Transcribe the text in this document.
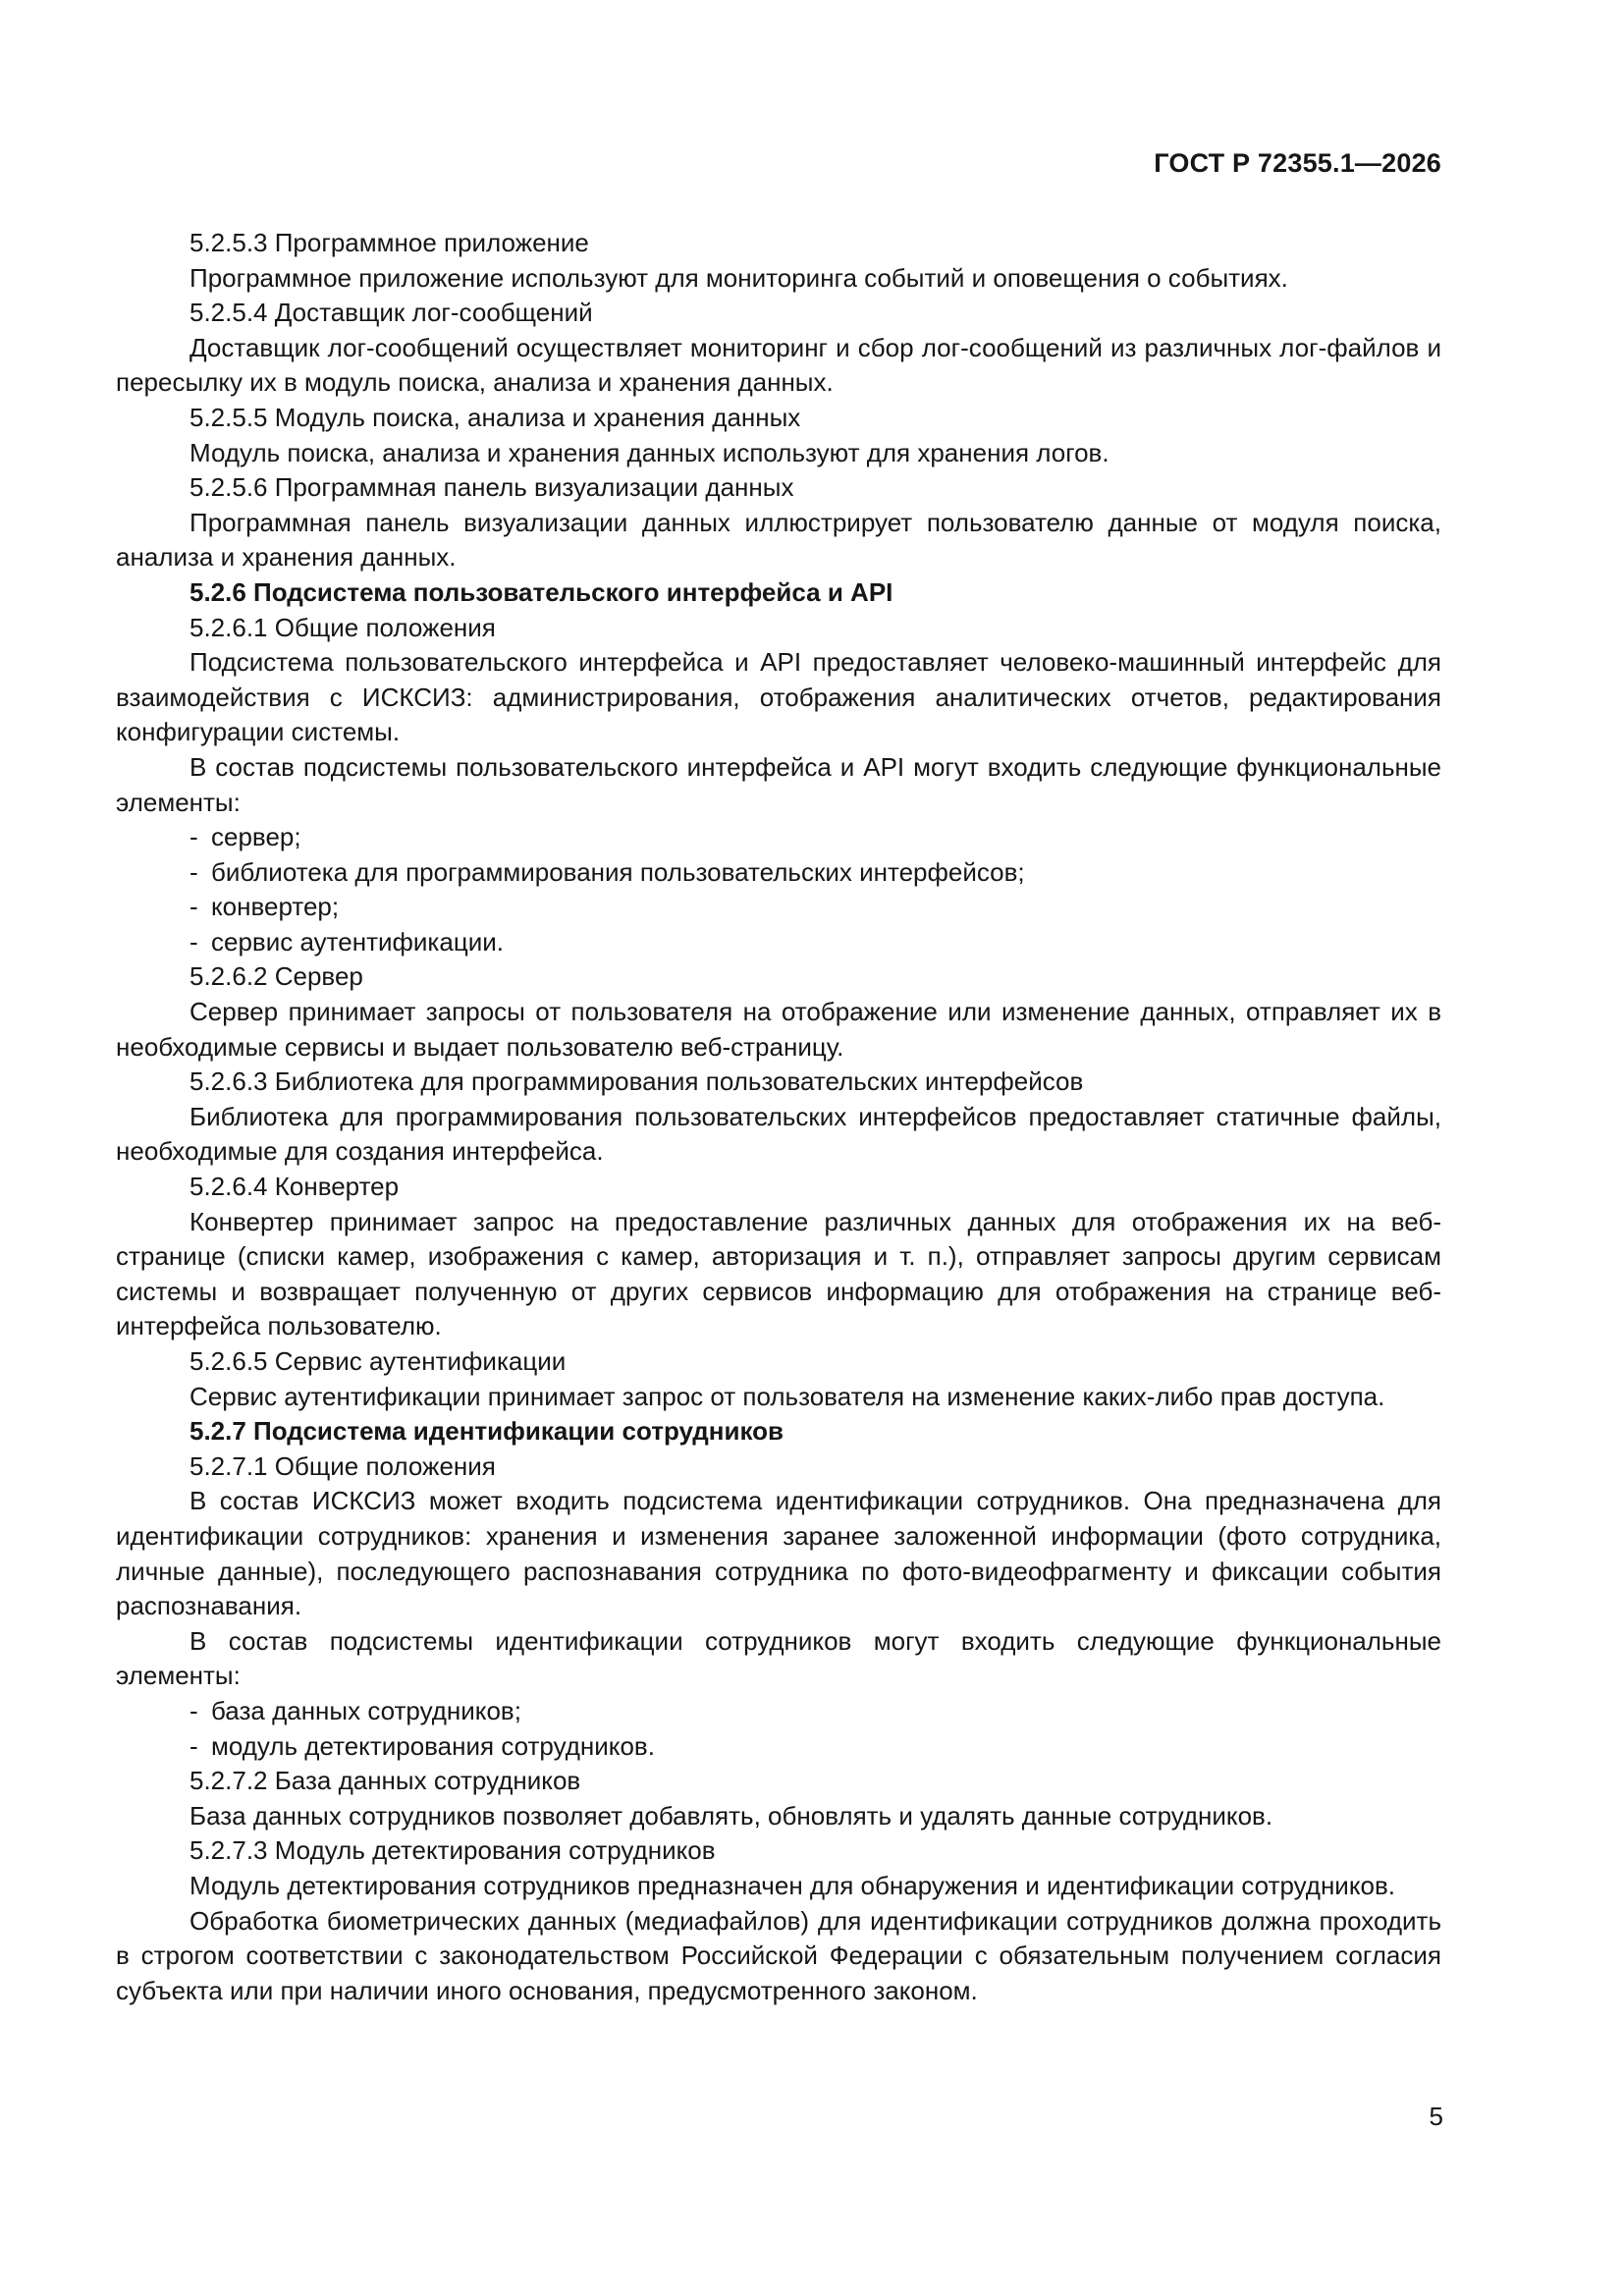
ГОСТ Р 72355.1—2026
5.2.5.3 Программное приложение
Программное приложение используют для мониторинга событий и оповещения о событиях.
5.2.5.4 Доставщик лог-сообщений
Доставщик лог-сообщений осуществляет мониторинг и сбор лог-сообщений из различных лог-файлов и пересылку их в модуль поиска, анализа и хранения данных.
5.2.5.5 Модуль поиска, анализа и хранения данных
Модуль поиска, анализа и хранения данных используют для хранения логов.
5.2.5.6 Программная панель визуализации данных
Программная панель визуализации данных иллюстрирует пользователю данные от модуля поиска, анализа и хранения данных.
5.2.6 Подсистема пользовательского интерфейса и API
5.2.6.1 Общие положения
Подсистема пользовательского интерфейса и API предоставляет человеко-машинный интерфейс для взаимодействия с ИСКСИЗ: администрирования, отображения аналитических отчетов, редактирования конфигурации системы.
В состав подсистемы пользовательского интерфейса и API могут входить следующие функциональные элементы:
- сервер;
- библиотека для программирования пользовательских интерфейсов;
- конвертер;
- сервис аутентификации.
5.2.6.2 Сервер
Сервер принимает запросы от пользователя на отображение или изменение данных, отправляет их в необходимые сервисы и выдает пользователю веб-страницу.
5.2.6.3 Библиотека для программирования пользовательских интерфейсов
Библиотека для программирования пользовательских интерфейсов предоставляет статичные файлы, необходимые для создания интерфейса.
5.2.6.4 Конвертер
Конвертер принимает запрос на предоставление различных данных для отображения их на веб-странице (списки камер, изображения с камер, авторизация и т. п.), отправляет запросы другим сервисам системы и возвращает полученную от других сервисов информацию для отображения на странице веб-интерфейса пользователю.
5.2.6.5 Сервис аутентификации
Сервис аутентификации принимает запрос от пользователя на изменение каких-либо прав доступа.
5.2.7 Подсистема идентификации сотрудников
5.2.7.1 Общие положения
В состав ИСКСИЗ может входить подсистема идентификации сотрудников. Она предназначена для идентификации сотрудников: хранения и изменения заранее заложенной информации (фото сотрудника, личные данные), последующего распознавания сотрудника по фото-видеофрагменту и фиксации события распознавания.
В состав подсистемы идентификации сотрудников могут входить следующие функциональные элементы:
- база данных сотрудников;
- модуль детектирования сотрудников.
5.2.7.2 База данных сотрудников
База данных сотрудников позволяет добавлять, обновлять и удалять данные сотрудников.
5.2.7.3 Модуль детектирования сотрудников
Модуль детектирования сотрудников предназначен для обнаружения и идентификации сотрудников.
Обработка биометрических данных (медиафайлов) для идентификации сотрудников должна проходить в строгом соответствии с законодательством Российской Федерации с обязательным получением согласия субъекта или при наличии иного основания, предусмотренного законом.
5
